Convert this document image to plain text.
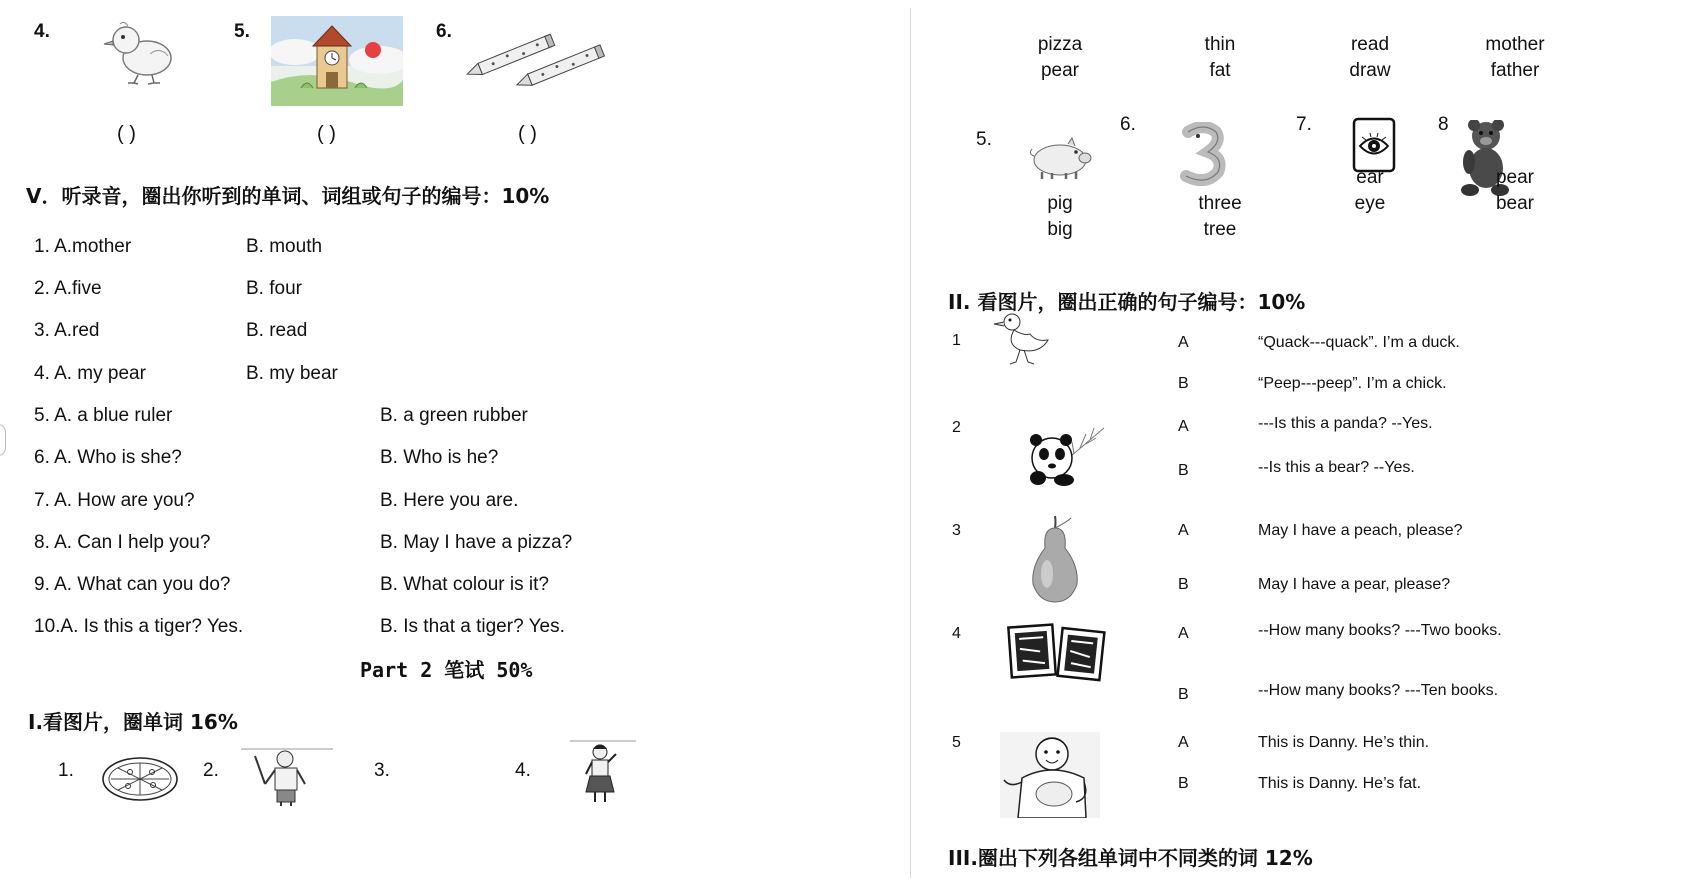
4.
( )
5.
( )
6.
( )
V．听录音，圈出你听到的单词、词组或句子的编号：10%
1. A.mother	B. mouth
2. A.five	B. four
3. A.red	B. read
4. A. my pear	B. my bear
5. A. a blue ruler	B. a green rubber
6. A. Who is she?	B. Who is he?
7. A. How are you?	B. Here you are.
8. A. Can I help you?	B. May I have a pizza?
9. A. What can you do?	B. What colour is it?
10.A. Is this a tiger? Yes.	B. Is that a tiger? Yes.
Part 2 笔试 50%
I.看图片，圈单词 16%
1.	2.	3.	4.
pizza
pear
thin
fat
read
draw
mother
father
5.
pig
big
6.
three
tree
7.
ear
eye
8
pear
bear
II. 看图片，圈出正确的句子编号：10%
1	A	“Quack---quack”. I’m a duck.
B	“Peep---peep”. I’m a chick.
2	A	---Is this a panda? --Yes.
B	--Is this a bear? --Yes.
3	A	May I have a peach, please?
B	May I have a pear, please?
4	A	--How many books? ---Two books.
B	--How many books? ---Ten books.
5	A	This is Danny. He’s thin.
B	This is Danny. He’s fat.
III.圈出下列各组单词中不同类的词 12%
